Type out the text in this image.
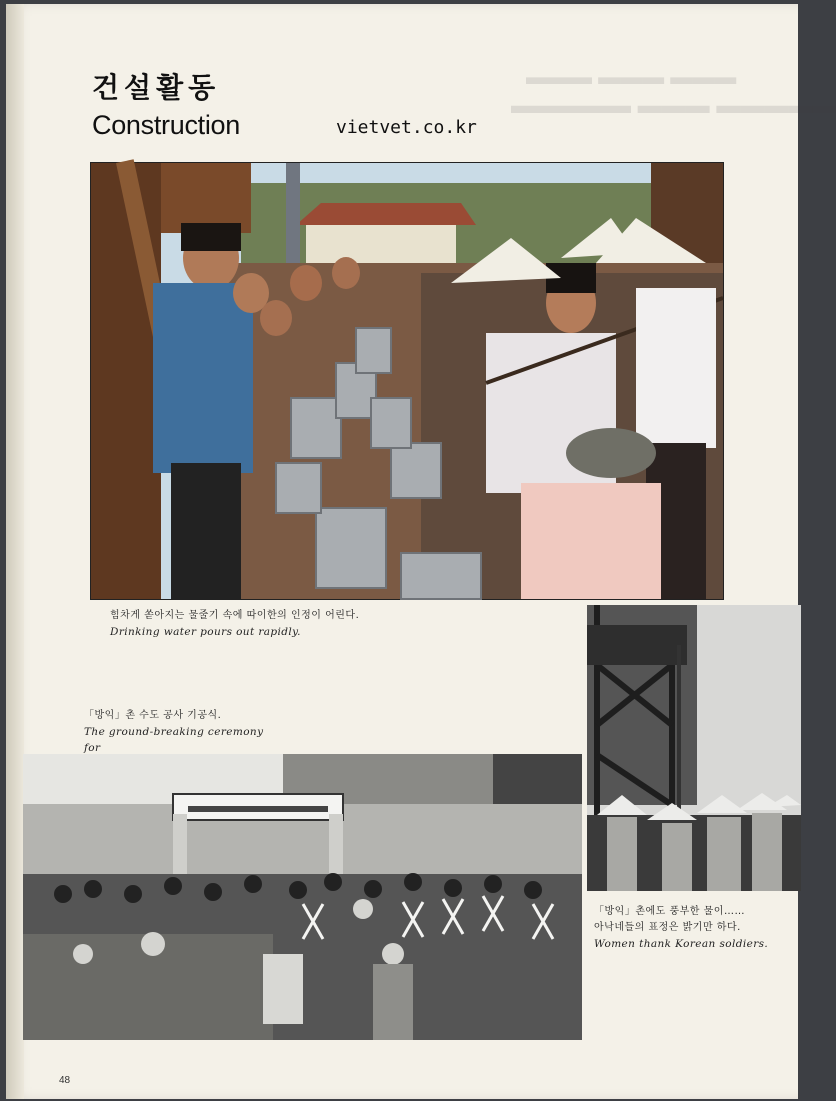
▬▬▬ ▬▬▬ ▬▬▬
▬▬▬▬▬ ▬▬▬ ▬▬▬▬▬
건설활동
Construction	vietvet.co.kr
힘차게 쏟아지는 물줄기 속에 따이한의 인정이 어린다.
Drinking water pours out rapidly.
「방익」촌 수도 공사 기공식.
The ground-breaking ceremony for
「방익」촌에도 풍부한 물이……
아낙네들의 표정은 밝기만 하다.
Women thank Korean soldiers.
48
